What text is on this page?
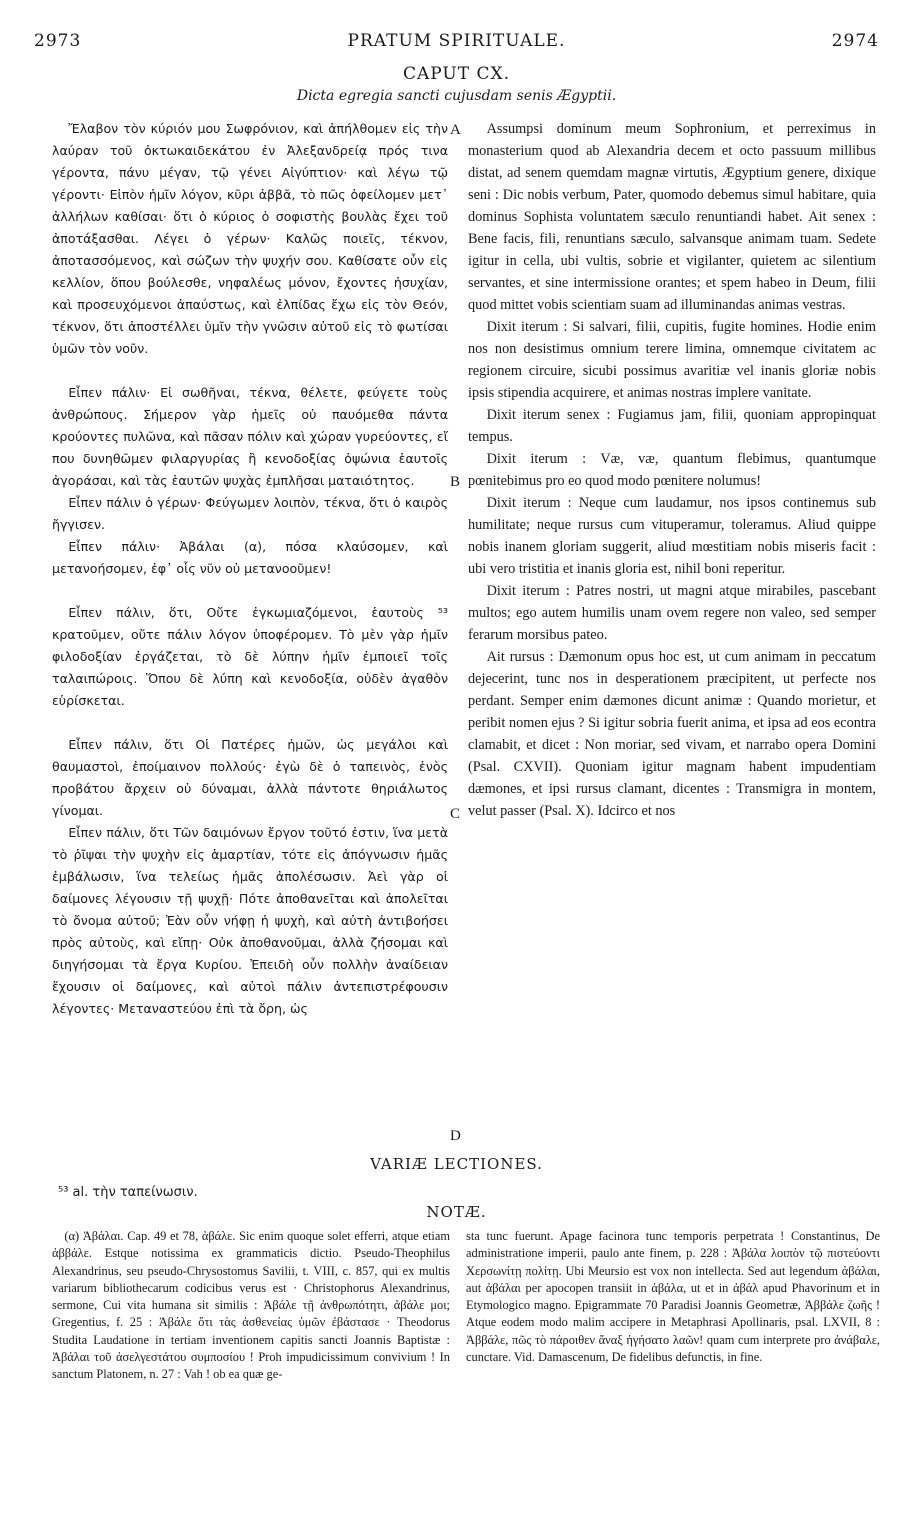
2973	PRATUM SPIRITUALE.	2974
CAPUT CX.
Dicta egregia sancti cujusdam senis Ægyptii.

Ἔλαβον τὸν κύριόν μου Σωφρόνιον, καὶ ἀπήλθομεν εἰς τὴν λαύραν τοῦ ὀκτωκαιδεκάτου ἐν Ἀλεξανδρείᾳ πρός τινα γέροντα, πάνυ μέγαν, τῷ γένει Αἰγύπτιον· καὶ λέγω τῷ γέροντι· Εἰπὸν ἡμῖν λόγον, κῦρι ἀββᾶ, τὸ πῶς ὀφείλομεν μετ᾽ ἀλλήλων καθίσαι· ὅτι ὁ κύριος ὁ σοφιστὴς βουλὰς ἔχει τοῦ ἀποτάξασθαι. Λέγει ὁ γέρων· Καλῶς ποιεῖς, τέκνον, ἀποτασσόμενος, καὶ σώζων τὴν ψυχήν σου. Καθίσατε οὖν εἰς κελλίον, ὅπου βούλεσθε, νηφαλέως μόνον, ἔχοντες ἡσυχίαν, καὶ προσευχόμενοι ἀπαύστως, καὶ ἐλπίδας ἔχω εἰς τὸν Θεόν, τέκνον, ὅτι ἀποστέλλει ὑμῖν τὴν γνῶσιν αὐτοῦ εἰς τὸ φωτίσαι ὑμῶν τὸν νοῦν.

Εἶπεν πάλιν· Εἰ σωθῆναι, τέκνα, θέλετε, φεύγετε τοὺς ἀνθρώπους. Σήμερον γὰρ ἡμεῖς οὐ παυόμεθα πάντα κρούοντες πυλῶνα, καὶ πᾶσαν πόλιν καὶ χώραν γυρεύοντες, εἴ που δυνηθῶμεν φιλαργυρίας ἢ κενοδοξίας ὀψώνια ἑαυτοῖς ἀγοράσαι, καὶ τὰς ἑαυτῶν ψυχὰς ἐμπλῆσαι ματαιότητος.

Εἶπεν πάλιν ὁ γέρων· Φεύγωμεν λοιπὸν, τέκνα, ὅτι ὁ καιρὸς ἤγγισεν.

Εἶπεν πάλιν· Ἀβάλαι (α), πόσα κλαύσομεν, καὶ μετανοήσομεν, ἐφ᾽ οἷς νῦν οὐ μετανοοῦμεν!

Εἶπεν πάλιν, ὅτι, Οὔτε ἐγκωμιαζόμενοι, ἑαυτοὺς ⁵³ κρατοῦμεν, οὔτε πάλιν λόγον ὑποφέρομεν. Τὸ μὲν γὰρ ἡμῖν φιλοδοξίαν ἐργάζεται, τὸ δὲ λύπην ἡμῖν ἐμποιεῖ τοῖς ταλαιπώροις. Ὅπου δὲ λύπη καὶ κενοδοξία, οὐδὲν ἀγαθὸν εὑρίσκεται.

Εἶπεν πάλιν, ὅτι Οἱ Πατέρες ἡμῶν, ὡς μεγάλοι καὶ θαυμαστοὶ, ἐποίμαινον πολλούς· ἐγὼ δὲ ὁ ταπεινὸς, ἑνὸς προβάτου ἄρχειν οὐ δύναμαι, ἀλλὰ πάντοτε θηριάλωτος γίνομαι.

Εἶπεν πάλιν, ὅτι Τῶν δαιμόνων ἔργον τοῦτό ἐστιν, ἵνα μετὰ τὸ ῥῖψαι τὴν ψυχὴν εἰς ἁμαρτίαν, τότε εἰς ἀπόγνωσιν ἡμᾶς ἐμβάλωσιν, ἵνα τελείως ἡμᾶς ἀπολέσωσιν. Ἀεὶ γὰρ οἱ δαίμονες λέγουσιν τῇ ψυχῇ· Πότε ἀποθανεῖται καὶ ἀπολεῖται τὸ ὄνομα αὐτοῦ; Ἐὰν οὖν νήφῃ ἡ ψυχὴ, καὶ αὐτὴ ἀντιβοήσει πρὸς αὐτοὺς, καὶ εἴπῃ· Οὐκ ἀποθανοῦμαι, ἀλλὰ ζήσομαι καὶ διηγήσομαι τὰ ἔργα Κυρίου. Ἐπειδὴ οὖν πολλὴν ἀναίδειαν ἔχουσιν οἱ δαίμονες, καὶ αὐτοὶ πάλιν ἀντεπιστρέφουσιν λέγοντες· Μεταναστεύου ἐπὶ τὰ ὄρη, ὡς

A
B
C
D

Assumpsi dominum meum Sophronium, et perreximus in monasterium quod ab Alexandria decem et octo passuum millibus distat, ad senem quemdam magnæ virtutis, Ægyptium genere, dixique seni : Dic nobis verbum, Pater, quomodo debemus simul habitare, quia dominus Sophista voluntatem sæculo renuntiandi habet. Ait senex : Bene facis, fili, renuntians sæculo, salvansque animam tuam. Sedete igitur in cella, ubi vultis, sobrie et vigilanter, quietem ac silentium servantes, et sine intermissione orantes; et spem habeo in Deum, filii quod mittet vobis scientiam suam ad illuminandas animas vestras.

Dixit iterum : Si salvari, filii, cupitis, fugite homines. Hodie enim nos non desistimus omnium terere limina, omnemque civitatem ac regionem circuire, sicubi possimus avaritiæ vel inanis gloriæ nobis ipsis stipendia acquirere, et animas nostras implere vanitate.

Dixit iterum senex : Fugiamus jam, filii, quoniam appropinquat tempus.

Dixit iterum : Væ, væ, quantum flebimus, quantumque pœnitebimus pro eo quod modo pœnitere nolumus!

Dixit iterum : Neque cum laudamur, nos ipsos continemus sub humilitate; neque rursus cum vituperamur, toleramus. Aliud quippe nobis inanem gloriam suggerit, aliud mœstitiam nobis miseris facit : ubi vero tristitia et inanis gloria est, nihil boni reperitur.

Dixit iterum : Patres nostri, ut magni atque mirabiles, pascebant multos; ego autem humilis unam ovem regere non valeo, sed semper ferarum morsibus pateo.

Ait rursus : Dæmonum opus hoc est, ut cum animam in peccatum dejecerint, tunc nos in desperationem præcipitent, ut perfecte nos perdant. Semper enim dæmones dicunt animæ : Quando morietur, et peribit nomen ejus ? Si igitur sobria fuerit anima, et ipsa ad eos econtra clamabit, et dicet : Non moriar, sed vivam, et narrabo opera Domini (Psal. CXVII). Quoniam igitur magnam habent impudentiam dæmones, et ipsi rursus clamant, dicentes : Transmigra in montem, velut passer (Psal. X). Idcirco et nos

VARIÆ LECTIONES.
⁵³ al. τὴν ταπείνωσιν.
NOTÆ.

(α) Ἀβάλαι. Cap. 49 et 78, ἀβάλε. Sic enim quoque solet efferri, atque etiam ἀββάλε. Estque notissima ex grammaticis dictio. Pseudo-Theophilus Alexandrinus, seu pseudo-Chrysostomus Savilii, t. VIII, c. 857, qui ex multis variarum bibliothecarum codicibus verus est · Christophorus Alexandrinus, sermone, Cui vita humana sit similis : Ἀβάλε τῇ ἀνθρωπότητι, ἀβάλε μοι; Gregentius, f. 25 : Ἀβάλε ὅτι τὰς ἀσθενείας ὑμῶν ἐβάστασε · Theodorus Studita Laudatione in tertiam inventionem capitis sancti Joannis Baptistæ : Ἀβάλαι τοῦ ἀσελγεστάτου συμποσίου ! Proh impudicissimum convivium ! In sanctum Platonem, n. 27 : Vah ! ob ea quæ ge-

sta tunc fuerunt. Apage facinora tunc temporis perpetrata ! Constantinus, De administratione imperii, paulo ante finem, p. 228 : Ἀβάλα λοιπὸν τῷ πιστεύοντι Χερσωνίτῃ πολίτῃ. Ubi Meursio est vox non intellecta. Sed aut legendum ἀβάλαι, aut ἀβάλαι per apocopen transiit in ἀβάλα, ut et in ἀβάλ apud Phavorinum et in Etymologico magno. Epigrammate 70 Paradisi Joannis Geometræ, Ἀββάλε ζωῆς ! Atque eodem modo malim accipere in Metaphrasi Apollinaris, psal. LXVII, 8 : Ἀββάλε, πῶς τὸ πάροιθεν ἄναξ ἡγήσατο λαῶν! quam cum interprete pro ἀνάβαλε, cunctare. Vid. Damascenum, De fidelibus defunctis, in fine.
